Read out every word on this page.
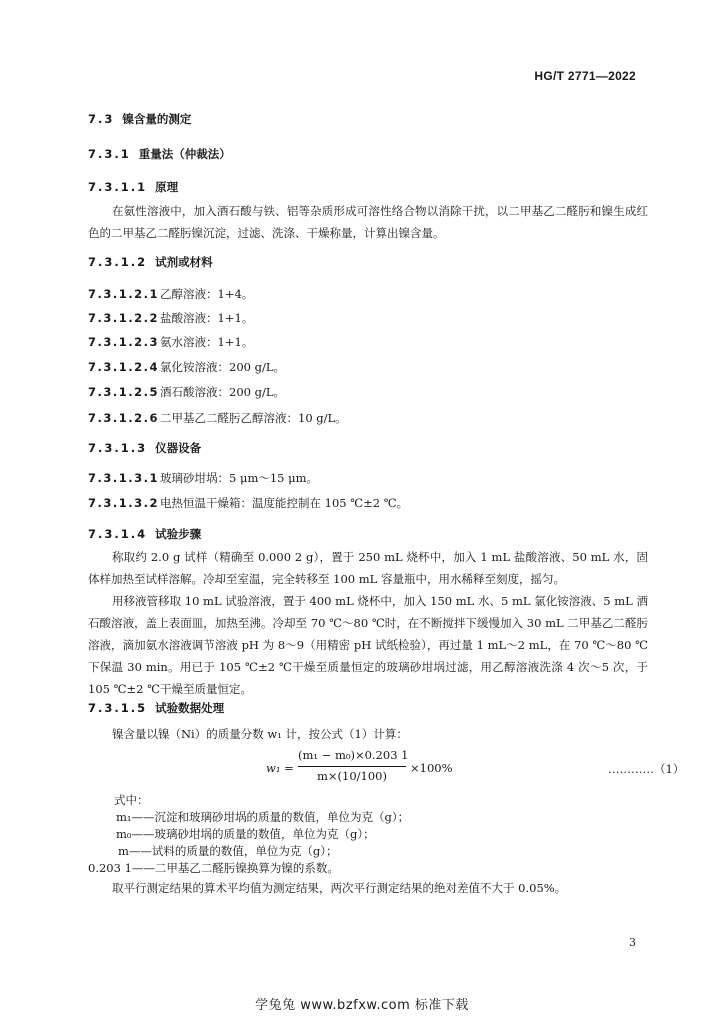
HG/T 2771—2022
7.3 镍含量的测定
7.3.1 重量法（仲裁法）
7.3.1.1 原理

在氨性溶液中，加入酒石酸与铁、铝等杂质形成可溶性络合物以消除干扰，以二甲基乙二醛肟和镍生成红色的二甲基乙二醛肟镍沉淀，过滤、洗涤、干燥称量，计算出镍含量。

7.3.1.2 试剂或材料
7.3.1.2.1乙醇溶液：1+4。
7.3.1.2.2盐酸溶液：1+1。
7.3.1.2.3氨水溶液：1+1。
7.3.1.2.4氯化铵溶液：200 g/L。
7.3.1.2.5酒石酸溶液：200 g/L。
7.3.1.2.6二甲基乙二醛肟乙醇溶液：10 g/L。
7.3.1.3 仪器设备
7.3.1.3.1玻璃砂坩埚：5 μm～15 μm。
7.3.1.3.2电热恒温干燥箱：温度能控制在 105 ℃±2 ℃。
7.3.1.4 试验步骤

称取约 2.0 g 试样（精确至 0.000 2 g），置于 250 mL 烧杯中，加入 1 mL 盐酸溶液、50 mL 水，固体样加热至试样溶解。冷却至室温，完全转移至 100 mL 容量瓶中，用水稀释至刻度，摇匀。

用移液管移取 10 mL 试验溶液，置于 400 mL 烧杯中，加入 150 mL 水、5 mL 氯化铵溶液、5 mL 酒石酸溶液，盖上表面皿，加热至沸。冷却至 70 ℃～80 ℃时，在不断搅拌下缓慢加入 30 mL 二甲基乙二醛肟溶液，滴加氨水溶液调节溶液 pH 为 8～9（用精密 pH 试纸检验），再过量 1 mL～2 mL，在 70 ℃～80 ℃下保温 30 min。用已于 105 ℃±2 ℃干燥至质量恒定的玻璃砂坩埚过滤，用乙醇溶液洗涤 4 次～5 次，于 105 ℃±2 ℃干燥至质量恒定。

7.3.1.5 试验数据处理

镍含量以镍（Ni）的质量分数 w₁ 计，按公式（1）计算：

w₁ =
(m₁ − m₀)×0.203 1
m×(10/100)
×100%	…………（1）
式中：
m₁——沉淀和玻璃砂坩埚的质量的数值，单位为克（g）；
m₀——玻璃砂坩埚的质量的数值，单位为克（g）；
m——试料的质量的数值，单位为克（g）；
0.203 1——二甲基乙二醛肟镍换算为镍的系数。

取平行测定结果的算术平均值为测定结果，两次平行测定结果的绝对差值不大于 0.05%。

3
学兔兔 www.bzfxw.com 标准下载
